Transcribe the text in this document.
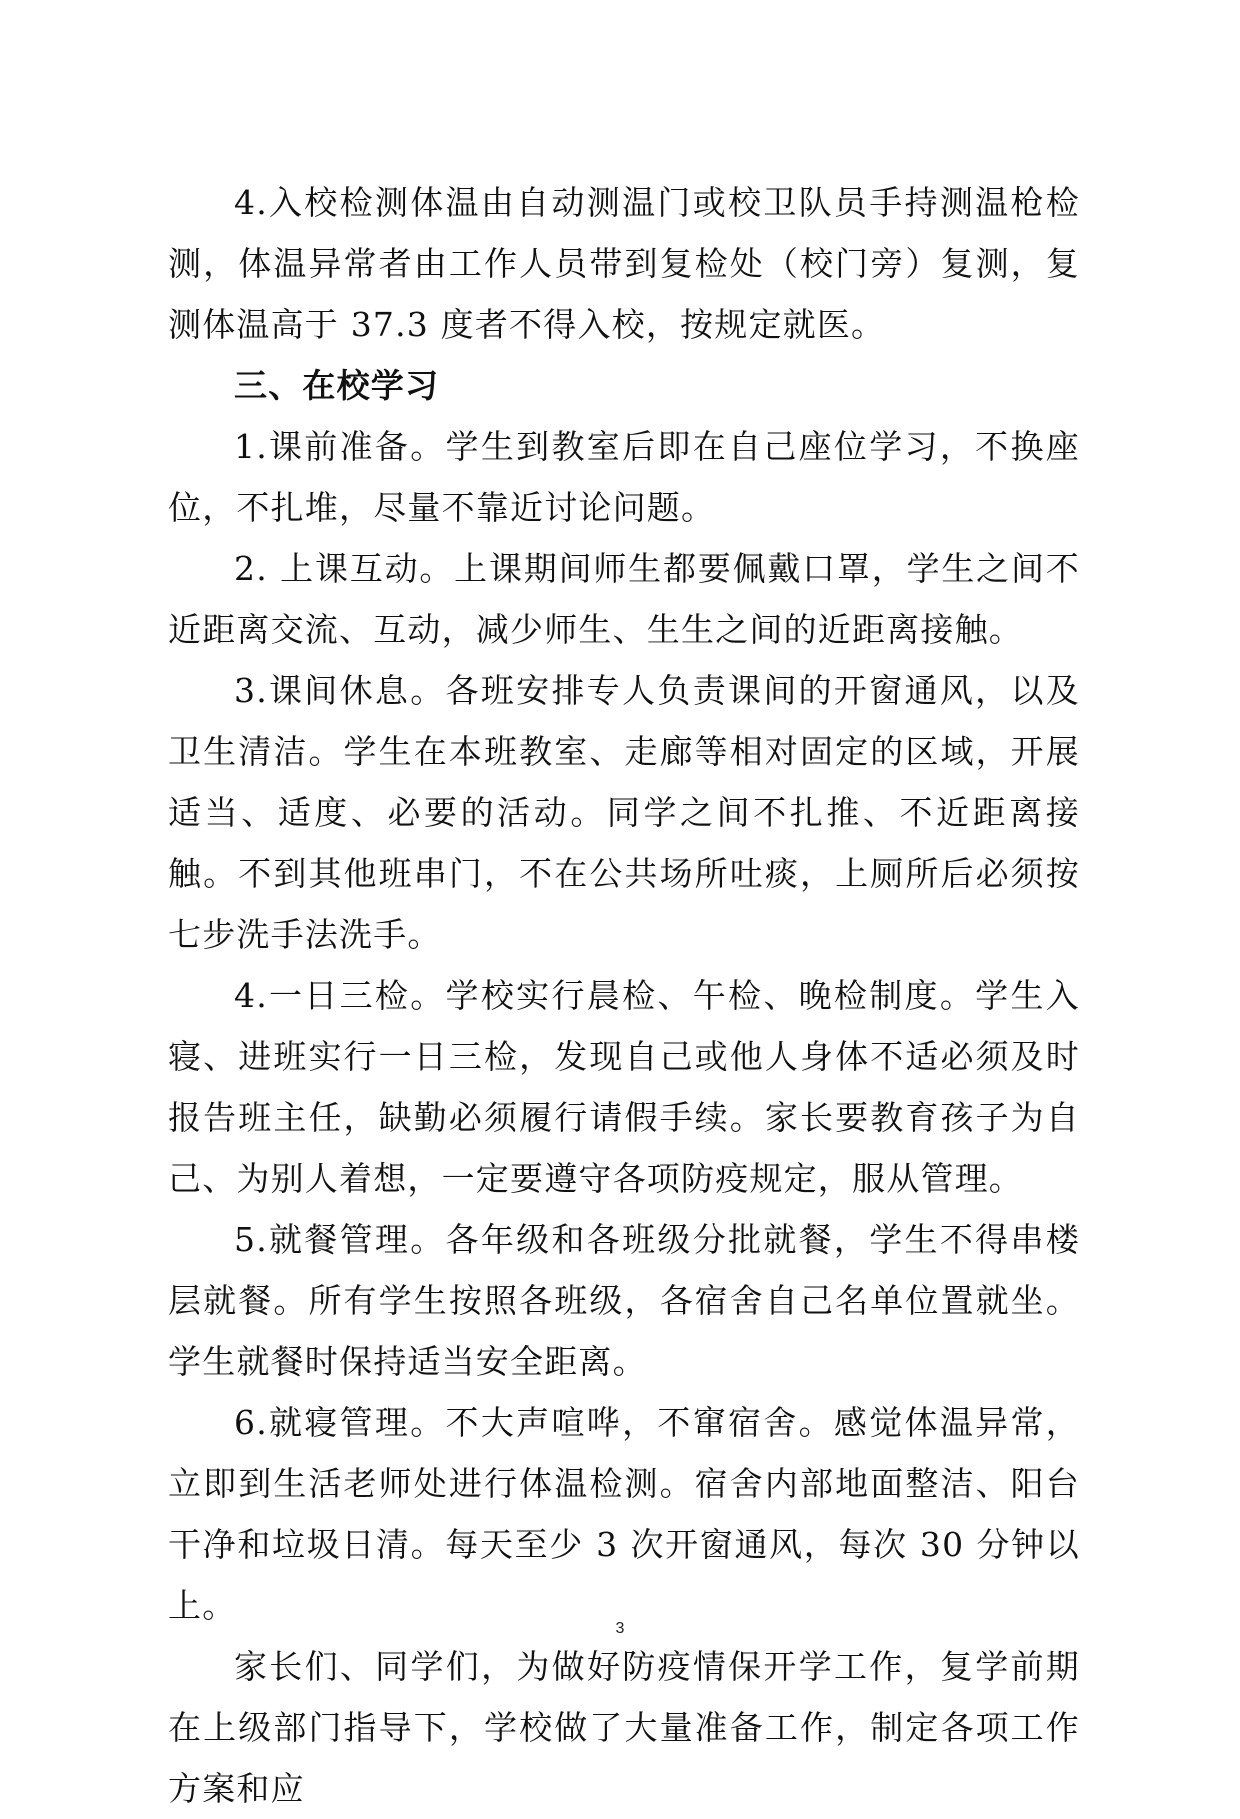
4.入校检测体温由自动测温门或校卫队员手持测温枪检测，体温异常者由工作人员带到复检处（校门旁）复测，复测体温高于 37.3 度者不得入校，按规定就医。

三、在校学习

1.课前准备。学生到教室后即在自己座位学习，不换座位，不扎堆，尽量不靠近讨论问题。

2. 上课互动。上课期间师生都要佩戴口罩，学生之间不近距离交流、互动，减少师生、生生之间的近距离接触。

3.课间休息。各班安排专人负责课间的开窗通风，以及卫生清洁。学生在本班教室、走廊等相对固定的区域，开展适当、适度、必要的活动。同学之间不扎推、不近距离接触。不到其他班串门，不在公共场所吐痰，上厕所后必须按七步洗手法洗手。

4.一日三检。学校实行晨检、午检、晚检制度。学生入寝、进班实行一日三检，发现自己或他人身体不适必须及时报告班主任，缺勤必须履行请假手续。家长要教育孩子为自己、为别人着想，一定要遵守各项防疫规定，服从管理。

5.就餐管理。各年级和各班级分批就餐，学生不得串楼层就餐。所有学生按照各班级，各宿舍自己名单位置就坐。学生就餐时保持适当安全距离。

6.就寝管理。不大声喧哗，不窜宿舍。感觉体温异常，立即到生活老师处进行体温检测。宿舍内部地面整洁、阳台干净和垃圾日清。每天至少 3 次开窗通风，每次 30 分钟以上。

家长们、同学们，为做好防疫情保开学工作，复学前期在上级部门指导下，学校做了大量准备工作，制定各项工作方案和应

3
